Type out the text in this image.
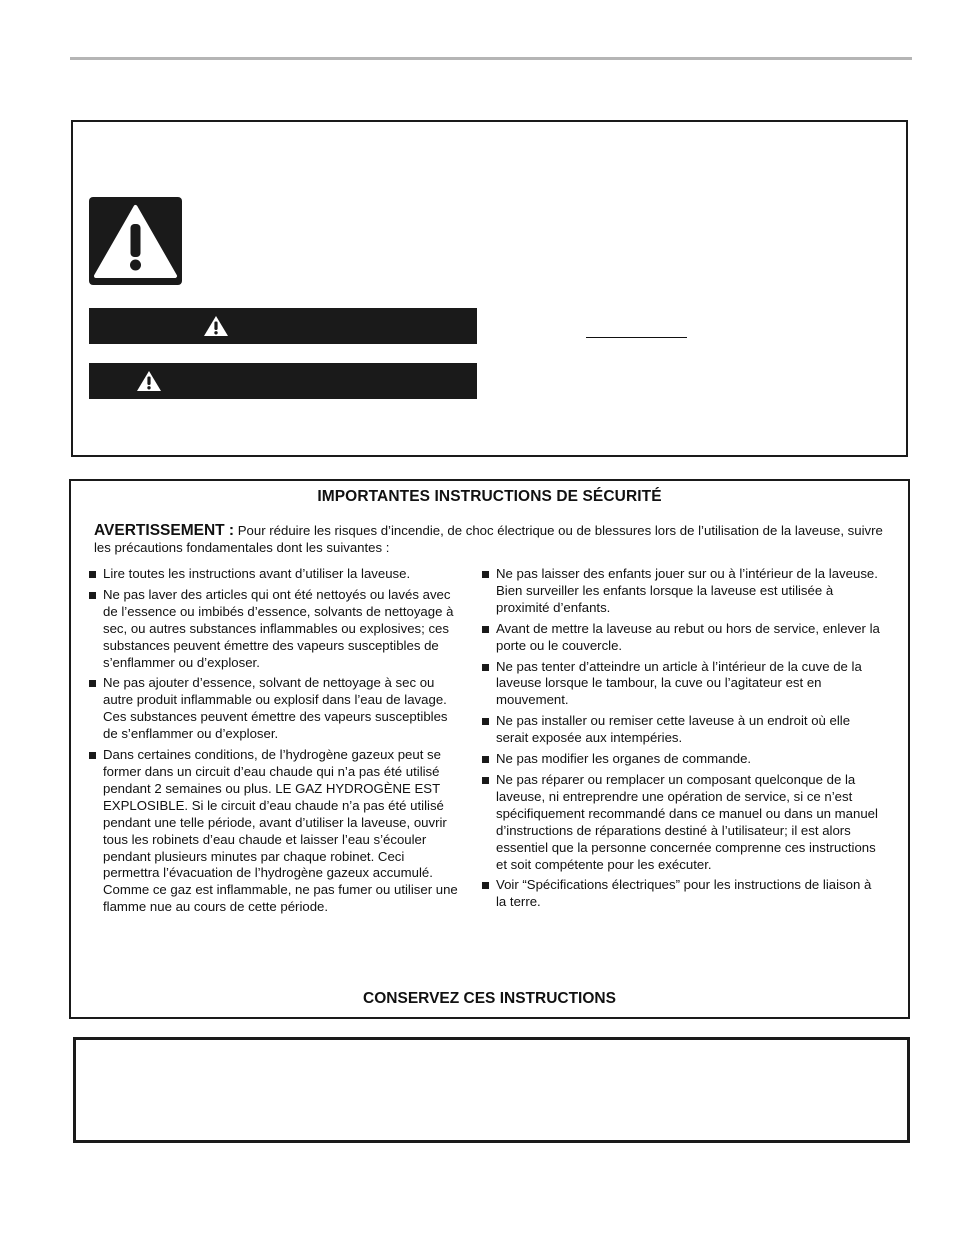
IMPORTANTES INSTRUCTIONS DE SÉCURITÉ
AVERTISSEMENT : Pour réduire les risques d’incendie, de choc électrique ou de blessures lors de l’utilisation de la laveuse, suivre les précautions fondamentales dont les suivantes :
Lire toutes les instructions avant d’utiliser la laveuse.
Ne pas laver des articles qui ont été nettoyés ou lavés avec de l’essence ou imbibés d’essence, solvants de nettoyage à sec, ou autres substances inflammables ou explosives; ces substances peuvent émettre des vapeurs susceptibles de s’enflammer ou d’exploser.
Ne pas ajouter d’essence, solvant de nettoyage à sec ou autre produit inflammable ou explosif dans l’eau de lavage. Ces substances peuvent émettre des vapeurs susceptibles de s’enflammer ou d’exploser.
Dans certaines conditions, de l’hydrogène gazeux peut se former dans un circuit d’eau chaude qui n’a pas été utilisé pendant 2 semaines ou plus. LE GAZ HYDROGÈNE EST EXPLOSIBLE. Si le circuit d’eau chaude n’a pas été utilisé pendant une telle période, avant d’utiliser la laveuse, ouvrir tous les robinets d’eau chaude et laisser l’eau s’écouler pendant plusieurs minutes par chaque robinet. Ceci permettra l’évacuation de l’hydrogène gazeux accumulé. Comme ce gaz est inflammable, ne pas fumer ou utiliser une flamme nue au cours de cette période.
Ne pas laisser des enfants jouer sur ou à l’intérieur de la laveuse. Bien surveiller les enfants lorsque la laveuse est utilisée à proximité d’enfants.
Avant de mettre la laveuse au rebut ou hors de service, enlever la porte ou le couvercle.
Ne pas tenter d’atteindre un article à l’intérieur de la cuve de la laveuse lorsque le tambour, la cuve ou l’agitateur est en mouvement.
Ne pas installer ou remiser cette laveuse à un endroit où elle serait exposée aux intempéries.
Ne pas modifier les organes de commande.
Ne pas réparer ou remplacer un composant quelconque de la laveuse, ni entreprendre une opération de service, si ce n’est spécifiquement recommandé dans ce manuel ou dans un manuel d’instructions de réparations destiné à l’utilisateur; il est alors essentiel que la personne concernée comprenne ces instructions et soit compétente pour les exécuter.
Voir “Spécifications électriques” pour les instructions de liaison à la terre.
CONSERVEZ CES INSTRUCTIONS
